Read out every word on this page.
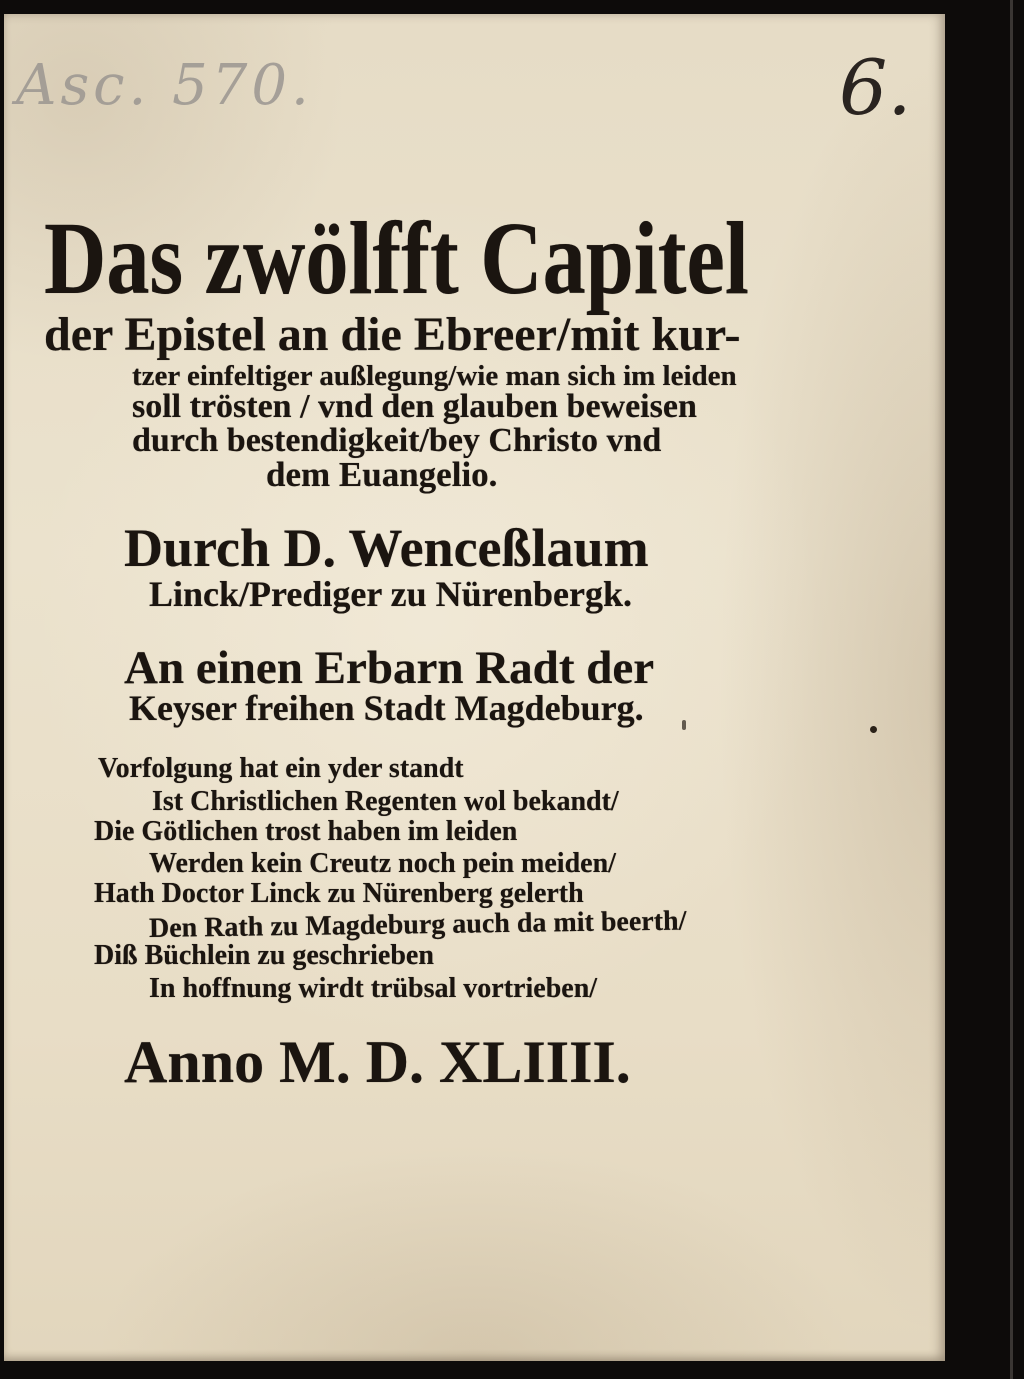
Asc. 570.	6.
Das zwölfft Capitel
der Epistel an die Ebreer/mit kur-
tzer einfeltiger außlegung/wie man sich im leiden
soll trösten / vnd den glauben beweisen
durch bestendigkeit/bey Christo vnd
dem Euangelio.
Durch D. Wenceßlaum
Linck/Prediger zu Nürenbergk.
An einen Erbarn Radt der
Keyser freihen Stadt Magdeburg.
Vorfolgung hat ein yder standt
Ist Christlichen Regenten wol bekandt/
Die Götlichen trost haben im leiden
Werden kein Creutz noch pein meiden/
Hath Doctor Linck zu Nürenberg gelerth
Den Rath zu Magdeburg auch da mit beerth/
Diß Büchlein zu geschrieben
In hoffnung wirdt trübsal vortrieben/
Anno M. D. XLIIII.
